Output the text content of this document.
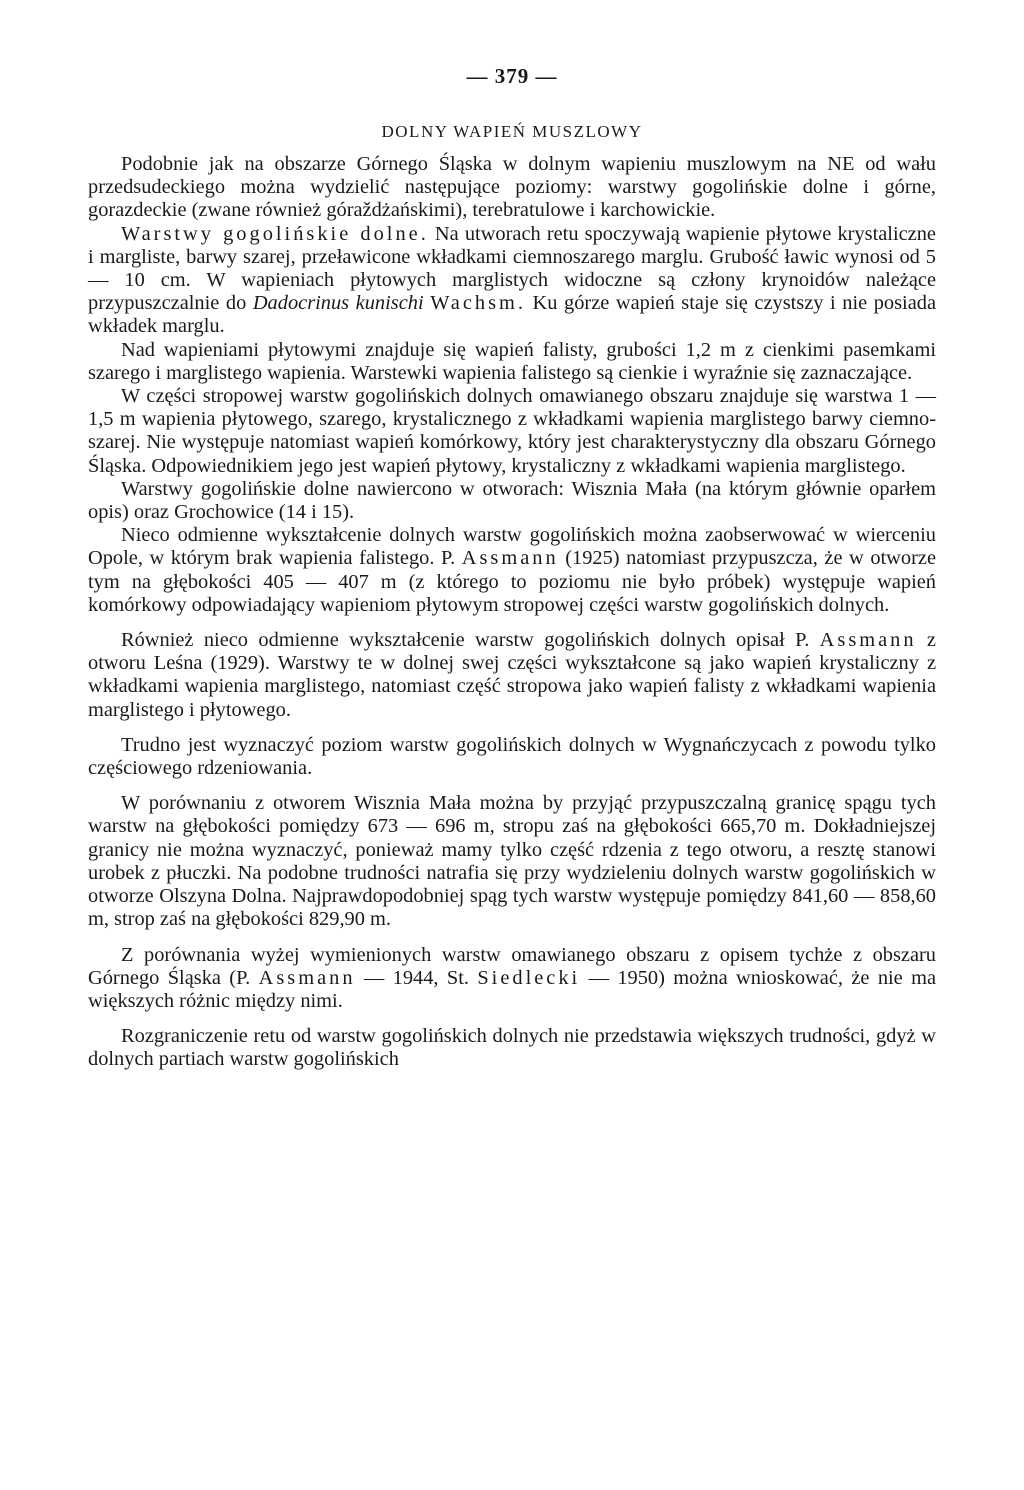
— 379 —
DOLNY WAPIEŃ MUSZLOWY

Podobnie jak na obszarze Górnego Śląska w dolnym wapieniu muszlowym na NE od wału przedsudeckiego można wydzielić następujące poziomy: warstwy gogolińskie dolne i górne, gorazdeckie (zwane również góraždżańskimi), terebratulowe i karchowickie.

Warstwy gogolińskie dolne. Na utworach retu spoczywają wapienie płytowe krystaliczne i margliste, barwy szarej, przeławicone wkładkami ciemnoszarego marglu. Grubość ławic wynosi od 5 — 10 cm. W wapieniach płytowych marglistych widoczne są człony krynoidów należące przypuszczalnie do Dadocrinus kunischi Wachsm. Ku górze wapień staje się czystszy i nie posiada wkładek marglu.

Nad wapieniami płytowymi znajduje się wapień falisty, grubości 1,2 m z cienkimi pasemkami szarego i marglistego wapienia. Warstewki wapienia falistego są cienkie i wyraźnie się zaznaczające.

W części stropowej warstw gogolińskich dolnych omawianego obszaru znajduje się warstwa 1 — 1,5 m wapienia płytowego, szarego, krystalicznego z wkładkami wapienia marglistego barwy ciemno-szarej. Nie występuje natomiast wapień komórkowy, który jest charakterystyczny dla obszaru Górnego Śląska. Odpowiednikiem jego jest wapień płytowy, krystaliczny z wkładkami wapienia marglistego.

Warstwy gogolińskie dolne nawiercono w otworach: Wisznia Mała (na którym głównie oparłem opis) oraz Grochowice (14 i 15).

Nieco odmienne wykształcenie dolnych warstw gogolińskich można zaobserwować w wierceniu Opole, w którym brak wapienia falistego. P. Assmann (1925) natomiast przypuszcza, że w otworze tym na głębokości 405 — 407 m (z którego to poziomu nie było próbek) występuje wapień komórkowy odpowiadający wapieniom płytowym stropowej części warstw gogolińskich dolnych.

Również nieco odmienne wykształcenie warstw gogolińskich dolnych opisał P. Assmann z otworu Leśna (1929). Warstwy te w dolnej swej części wykształcone są jako wapień krystaliczny z wkładkami wapienia marglistego, natomiast część stropowa jako wapień falisty z wkładkami wapienia marglistego i płytowego.

Trudno jest wyznaczyć poziom warstw gogolińskich dolnych w Wygnańczycach z powodu tylko częściowego rdzeniowania.

W porównaniu z otworem Wisznia Mała można by przyjąć przypuszczalną granicę spągu tych warstw na głębokości pomiędzy 673 — 696 m, stropu zaś na głębokości 665,70 m. Dokładniejszej granicy nie można wyznaczyć, ponieważ mamy tylko część rdzenia z tego otworu, a resztę stanowi urobek z płuczki. Na podobne trudności natrafia się przy wydzieleniu dolnych warstw gogolińskich w otworze Olszyna Dolna. Najprawdopodobniej spąg tych warstw występuje pomiędzy 841,60 — 858,60 m, strop zaś na głębokości 829,90 m.

Z porównania wyżej wymienionych warstw omawianego obszaru z opisem tychże z obszaru Górnego Śląska (P. Assmann — 1944, St. Siedlecki — 1950) można wnioskować, że nie ma większych różnic między nimi.

Rozgraniczenie retu od warstw gogolińskich dolnych nie przedstawia większych trudności, gdyż w dolnych partiach warstw gogolińskich
